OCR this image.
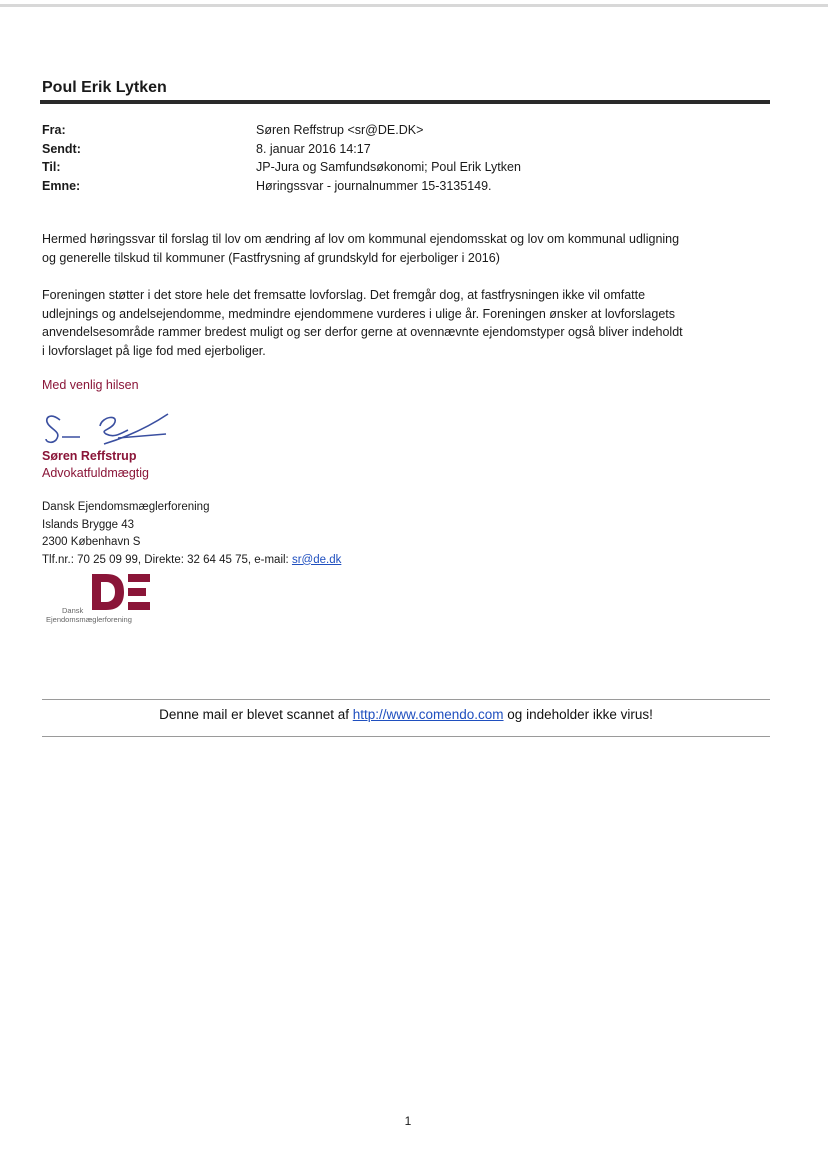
Poul Erik Lytken
Fra:	Søren Reffstrup <sr@DE.DK>
Sendt:	8. januar 2016 14:17
Til:	JP-Jura og Samfundsøkonomi; Poul Erik Lytken
Emne:	Høringssvar - journalnummer 15-3135149.
Hermed høringssvar til forslag til lov om ændring af lov om kommunal ejendomsskat og lov om kommunal udligning
og generelle tilskud til kommuner (Fastfrysning af grundskyld for ejerboliger i 2016)
Foreningen støtter i det store hele det fremsatte lovforslag. Det fremgår dog, at fastfrysningen ikke vil omfatte
udlejnings og andelsejendomme, medmindre ejendommene vurderes i ulige år. Foreningen ønsker at lovforslagets
anvendelsesområde rammer bredest muligt og ser derfor gerne at ovennævnte ejendomstyper også bliver indeholdt
i lovforslaget på lige fod med ejerboliger.
Med venlig hilsen
Søren Reffstrup
Advokatfuldmægtig
Dansk Ejendomsmæglerforening
Islands Brygge 43
2300 København S
Tlf.nr.: 70 25 09 99, Direkte: 32 64 45 75, e-mail: sr@de.dk
Dansk
Ejendomsmæglerforening
Denne mail er blevet scannet af http://www.comendo.com og indeholder ikke virus!
1
